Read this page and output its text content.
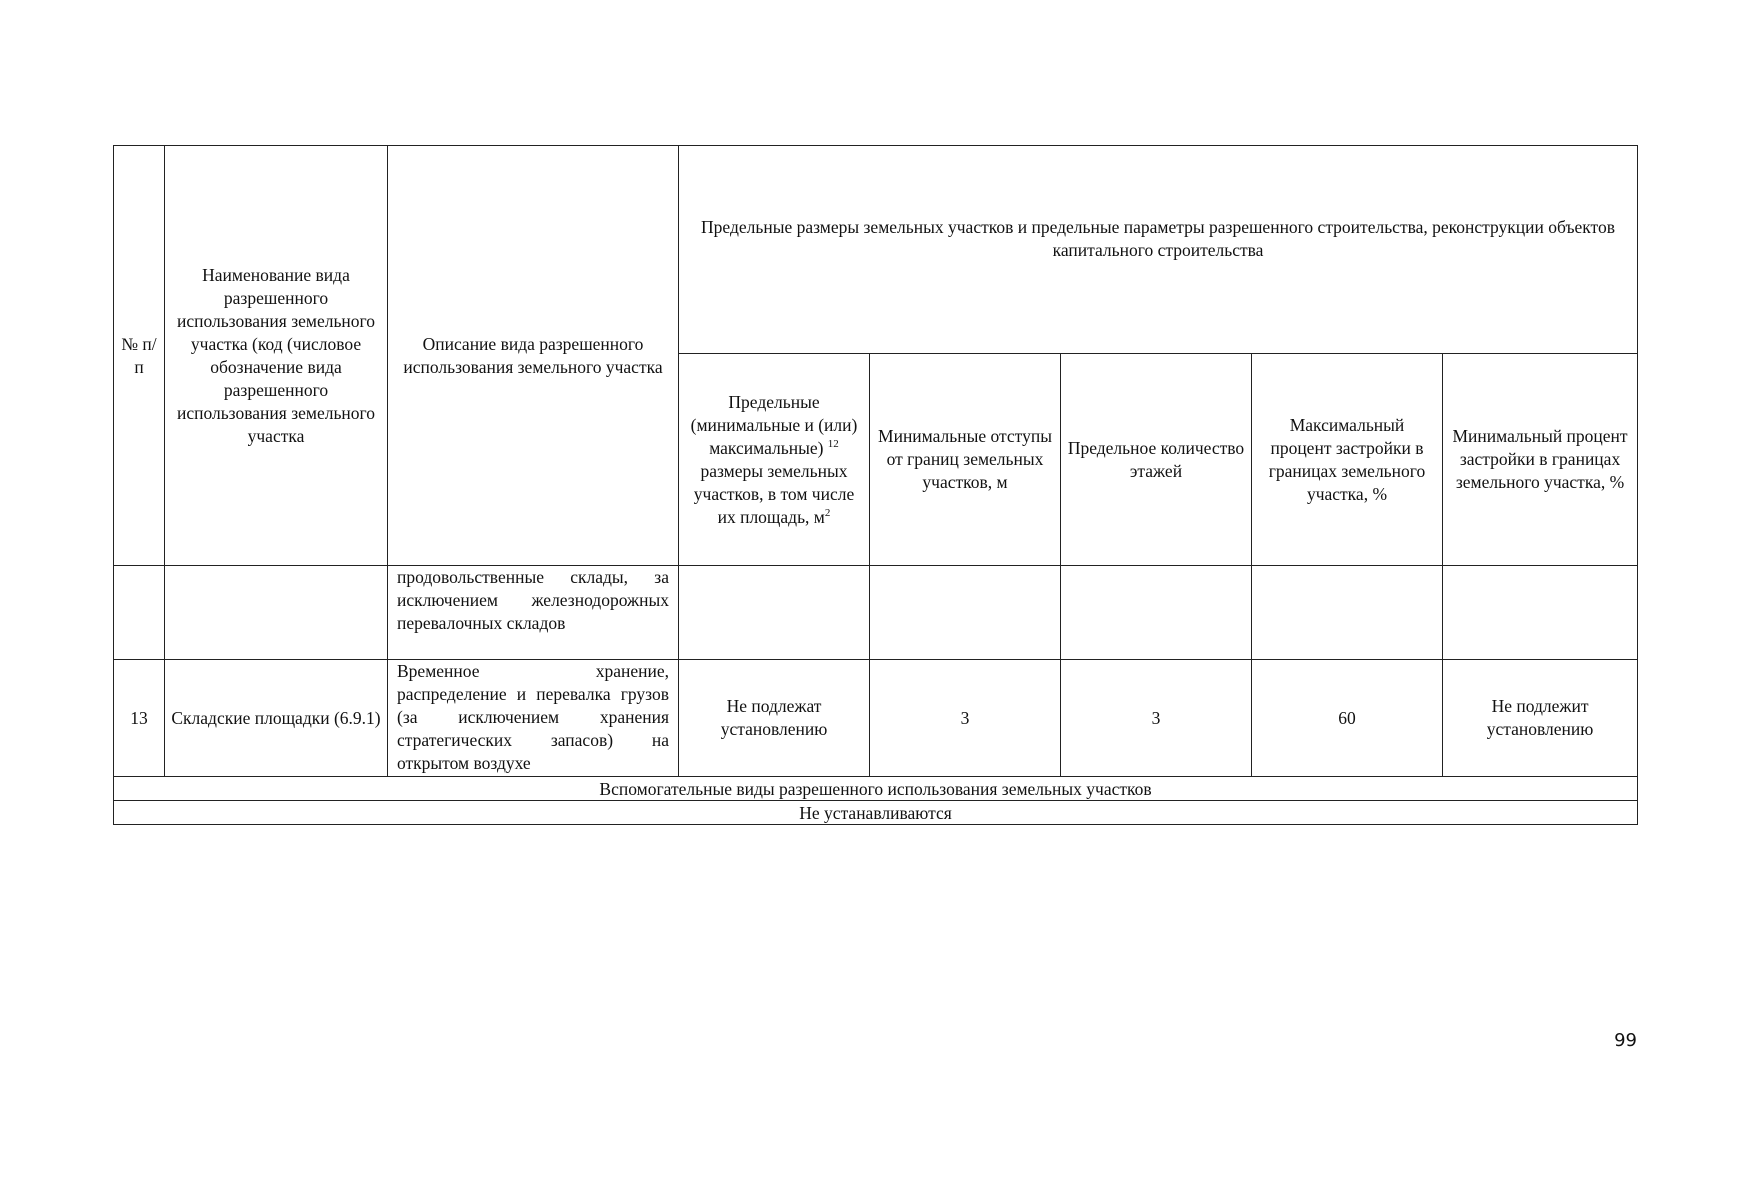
№ п/п	Наименование вида разрешенного использования земельного участка (код (числовое обозначение вида разрешенного использования земельного участка	Описание вида разрешенного использования земельного участка	Предельные размеры земельных участков и предельные параметры разрешенного строительства, реконструкции объектов капитального строительства	
			Предельные (минимальные и (или) максимальные) $^{12}$ размеры земельных участков, в том числе их площадь, $м^2$	Минимальные отступы от границ земельных участков, м	Предельное количество этажей	Максимальный процент застройки в границах земельного участка, %	Минимальный процент застройки в границах земельного участка, %	
		продовольственные склады, за исключением железнодорожных перевалочных складов						
13	Складские площадки (6.9.1)	Временное хранение, распределение и перевалка грузов (за исключением хранения стратегических запасов) на открытом воздухе	Не подлежат установлению	3	3	60	Не подлежит установлению	
Вспомогательные виды разрешенного использования земельных участков								
Не устанавливаются								
99
